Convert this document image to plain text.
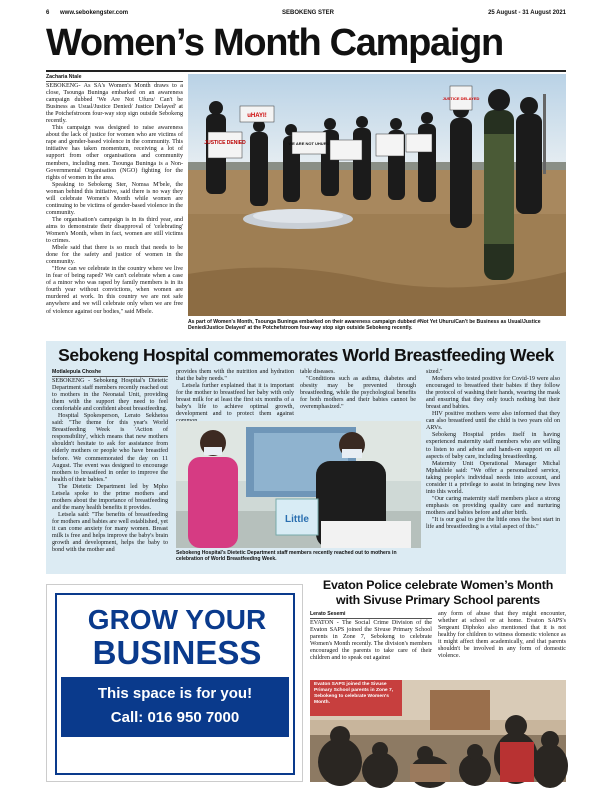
6 www.sebokengster.com	SEBOKENG STER	25 August - 31 August 2021
Women’s Month Campaign

Zacharia Ntale

SEBOKENG- As SA's Women's Month draws to a close, Tsounga Buninga embarked on an awareness campaign dubbed 'We Are Not Ufuru/ Can't be Business as Usual/Justice Denied/ Justice Delayed' at the Potchefstroom four-way stop sign outside Sebokeng recently.

This campaign was designed to raise awareness about the lack of justice for women who are victims of rape and gender-based violence in the community. This initiative has taken momentum, receiving a lot of support from other organisations and community members, including men. Tsounga Buninga is a Non-Governmental Organisation (NGO) fighting for the rights of women in the area.

Speaking to Sebokeng Ster, Nomsa M'bele, the woman behind this initiative, said there is no way they will celebrate Women's Month while women are continuing to be victims of gender-based violence in the community.

The organisation's campaign is in its third year, and aims to demonstrate their disapproval of 'celebrating' Women's Month, when in fact, women are still victims to crimes.

Mbele said that there is so much that needs to be done for the safety and justice of women in the community.

"How can we celebrate in the country where we live in fear of being raped? We can't celebrate when a case of a minor who was raped by family members is in its fourth year without convictions, when women are murdered at work. In this country we are not safe anywhere and we will celebrate only when we are free of violence against our bodies," said Mbele.

JUSTICE DENIED
uHAYI!
WE ARE NOT UHURU
JUSTICE DELAYED
As part of Women's Month, Tsounga Buninga embarked on their awareness campaign dubbed #Not Yet Uhuru/Can't be Business as Usual/Justice Denied/Justice Delayed' at the Potchefstroom four-way stop sign outside Sebokeng recently.
Sebokeng Hospital commemorates World Breastfeeding Week

Motlalepula Choshe

SEBOKENG - Sebokeng Hospital's Dietetic Department staff members recently reached out to mothers in the Neonatal Unit, providing them with the support they need to feel comfortable and confident about breastfeeding.

Hospital Spokesperson, Lerato Sekhetoa said: "The theme for this year's World Breastfeeding Week is 'Action of responsibility', which means that new mothers shouldn't hesitate to ask for assistance from elderly mothers or people who have breastfed before. We commemorated the day on 11 August. The event was designed to encourage mothers to breastfeed in order to improve the health of their babies."

The Dietetic Department led by Mpho Letsela spoke to the prime mothers and mothers about the importance of breastfeeding and the many health benefits it provides.

Letsela said: "The benefits of breastfeeding for mothers and babies are well established, yet it can come anxiety for many women. Breast milk is free and helps improve the baby's brain growth and development, helps the baby to bond with the mother and

provides them with the nutrition and hydration that the baby needs."

Letsela further explained that it is important for the mother to breastfeed her baby with only breast milk for at least the first six months of a baby's life to achieve optimal growth, development and to protect them against

table diseases.

"Conditions such as asthma, diabetes and obesity may be prevented through breastfeeding, while the psychological benefits for both mothers and their babies cannot be overemphasized."

sized."

Mothers who tested positive for Covid-19 were also encouraged to breastfeed their babies if they follow the protocol of washing their hands, wearing the mask and ensuring that they only touch nothing but their breast and babies.

HIV positive mothers were also informed that they can also breastfeed until the child is two years old on ARVs.

Sebokeng Hospital prides itself in having experienced maternity staff members who are willing to listen to and advise and hands-on support on all aspects of baby care, including breastfeeding.

Maternity Unit Operational Manager Michal Mphahlele said: "We offer a personalized service, taking people's individual needs into account, and consider it a privilege to assist in bringing new lives into this world.

"Our caring maternity staff members place a strong emphasis on providing quality care and nurturing mothers and babies before and after birth.

"It is our goal to give the little ones the best start in life and breastfeeding is a vital aspect of this."

Little
Sebokeng Hospital's Dietetic Department staff members recently reached out to mothers in celebration of World Breastfeeding Week.
GROW YOUR
BUSINESS
This space is for you!
Call: 016 950 7000
Evaton Police celebrate Women’s Month with Sivuse Primary School parents

Lerato Sesemi

EVATON - The Social Crime Division of the Evaton SAPS joined the Sivuse Primary School parents in Zone 7, Sebokeng to celebrate Women's Month recently. The division's members encouraged the parents to take care of their children and to speak out against

any form of abuse that they might encounter, whether at school or at home. Evaton SAPS's Sergeant Diphoko also mentioned that it is not healthy for children to witness domestic violence as it might affect them academically, and that parents shouldn't be involved in any form of domestic violence.

Evaton SAPS joined the Sivuse Primary School parents in Zone 7, Sebokeng to celebrate Women's Month.
